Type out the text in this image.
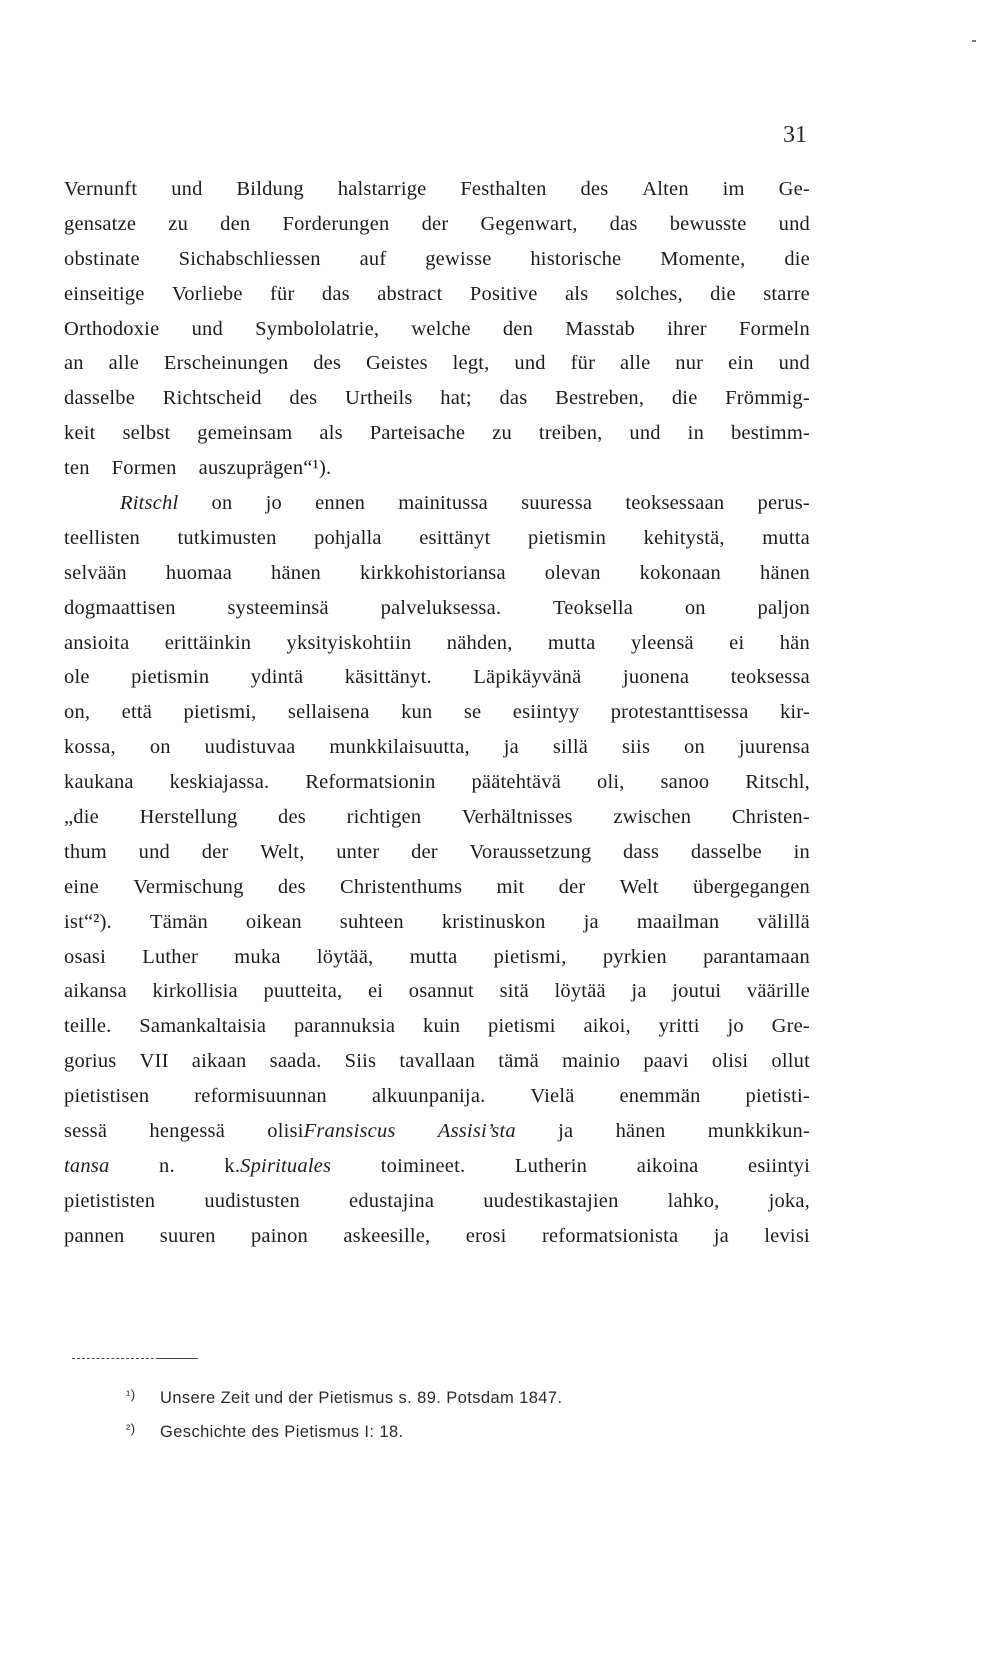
31
Vernunft und Bildung halstarrige Festhalten des Alten im Ge-
gensatze zu den Forderungen der Gegenwart, das bewusste und
obstinate Sichabschliessen auf gewisse historische Momente, die
einseitige Vorliebe für das abstract Positive als solches, die starre
Orthodoxie und Symbololatrie, welche den Masstab ihrer Formeln
an alle Erscheinungen des Geistes legt, und für alle nur ein und
dasselbe Richtscheid des Urtheils hat; das Bestreben, die Frömmig-
keit selbst gemeinsam als Parteisache zu treiben, und in bestimm-
ten Formen auszuprägen“¹).
Ritschl on jo ennen mainitussa suuressa teoksessaan perus-
teellisten tutkimusten pohjalla esittänyt pietismin kehitystä, mutta
selvään huomaa hänen kirkkohistoriansa olevan kokonaan hänen
dogmaattisen	systeeminsä	palveluksessa.	Teoksella	on	paljon
ansioita erittäinkin yksityiskohtiin nähden, mutta yleensä ei hän
ole pietismin ydintä käsittänyt. Läpikäyvänä juonena teoksessa
on, että pietismi, sellaisena kun se esiintyy protestanttisessa kir-
kossa, on uudistuvaa munkkilaisuutta, ja sillä siis on juurensa
kaukana keskiajassa. Reformatsionin päätehtävä oli, sanoo Ritschl,
„die Herstellung des richtigen Verhältnisses zwischen Christen-
thum und der Welt, unter der Voraussetzung dass dasselbe in
eine Vermischung des Christenthums mit der Welt übergegangen
ist“²). Tämän oikean suhteen kristinuskon ja maailman välillä
osasi Luther muka löytää, mutta pietismi, pyrkien parantamaan
aikansa kirkollisia puutteita, ei osannut sitä löytää ja joutui väärille
teille. Samankaltaisia parannuksia kuin pietismi aikoi, yritti jo Gre-
gorius VII aikaan saada. Siis tavallaan tämä mainio paavi olisi ollut
pietistisen reformisuunnan alkuunpanija. Vielä enemmän pietisti-
sessä hengessä olisiFransiscus Assisi’sta ja hänen munkkikun-
tansa n. k.Spirituales toimineet. Lutherin aikoina esiintyi
pietististen uudistusten edustajina uudestikastajien lahko, joka,
pannen suuren painon askeesille, erosi reformatsionista ja levisi
¹) Unsere Zeit und der Pietismus s. 89. Potsdam 1847.
²) Geschichte des Pietismus I: 18.
